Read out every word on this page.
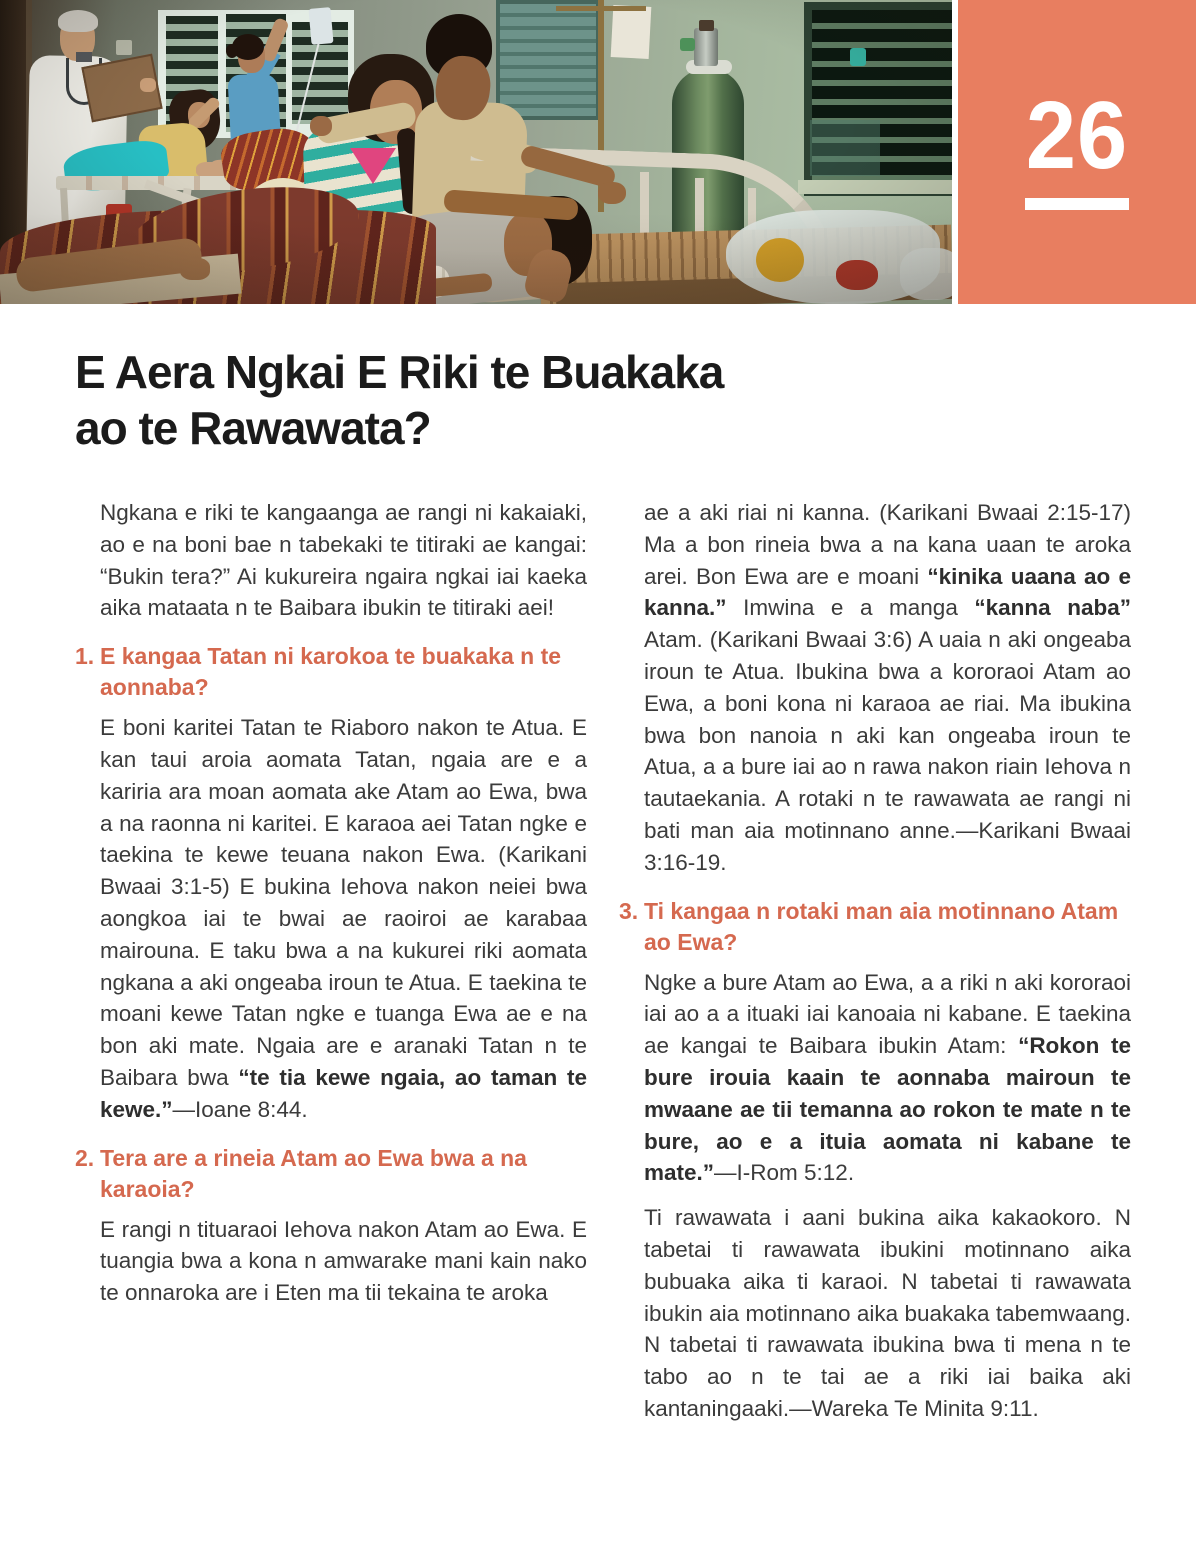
26
E Aera Ngkai E Riki te Buakaka
ao te Rawawata?

Ngkana e riki te kangaanga ae rangi ni kakaiaki, ao e na boni bae n tabekaki te titiraki ae kangai: “Bukin tera?” Ai kukureira ngaira ngkai iai kaeka aika mataata n te Baibara ibukin te titiraki aei!

1. E kangaa Tatan ni karokoa te buakaka n te aonnaba?

E boni karitei Tatan te Riaboro nakon te Atua. E kan taui aroia aomata Tatan, ngaia are e a kariria ara moan aomata ake Atam ao Ewa, bwa a na raonna ni karitei. E karaoa aei Tatan ngke e taekina te kewe teuana nakon Ewa. (Karikani Bwaai 3:1-5) E bukina Iehova nakon neiei bwa aongkoa iai te bwai ae raoiroi ae karabaa mairouna. E taku bwa a na kukurei riki aomata ngkana a aki ongeaba iroun te Atua. E taekina te moani kewe Tatan ngke e tuanga Ewa ae e na bon aki mate. Ngaia are e aranaki Tatan n te Baibara bwa “te tia kewe ngaia, ao taman te kewe.”—Ioane 8:44.

2. Tera are a rineia Atam ao Ewa bwa a na karaoia?

E rangi n tituaraoi Iehova nakon Atam ao Ewa. E tuangia bwa a kona n amwarake mani kain nako te onnaroka are i Eten ma tii tekaina te aroka

ae a aki riai ni kanna. (Karikani Bwaai 2:15-17) Ma a bon rineia bwa a na kana uaan te aroka arei. Bon Ewa are e moani “kinika uaana ao e kanna.” Imwina e a manga “kanna naba” Atam. (Karikani Bwaai 3:6) A uaia n aki ongeaba iroun te Atua. Ibukina bwa a kororaoi Atam ao Ewa, a boni kona ni karaoa ae riai. Ma ibukina bwa bon nanoia n aki kan ongeaba iroun te Atua, a a bure iai ao n rawa nakon riain Iehova n tautaekania. A rotaki n te rawawata ae rangi ni bati man aia motinnano anne.—Karikani Bwaai 3:16-19.

3. Ti kangaa n rotaki man aia motinnano Atam ao Ewa?

Ngke a bure Atam ao Ewa, a a riki n aki kororaoi iai ao a a ituaki iai kanoaia ni kabane. E taekina ae kangai te Baibara ibukin Atam: “Rokon te bure irouia kaain te aonnaba mairoun te mwaane ae tii temanna ao rokon te mate n te bure, ao e a ituia aomata ni kabane te mate.”—I-Rom 5:12.

Ti rawawata i aani bukina aika kakaokoro. N tabetai ti rawawata ibukini motinnano aika bubuaka aika ti karaoi. N tabetai ti rawawata ibukin aia motinnano aika buakaka tabemwaang. N tabetai ti rawawata ibukina bwa ti mena n te tabo ao n te tai ae a riki iai baika aki kantaningaaki.—Wareka Te Minita 9:11.
